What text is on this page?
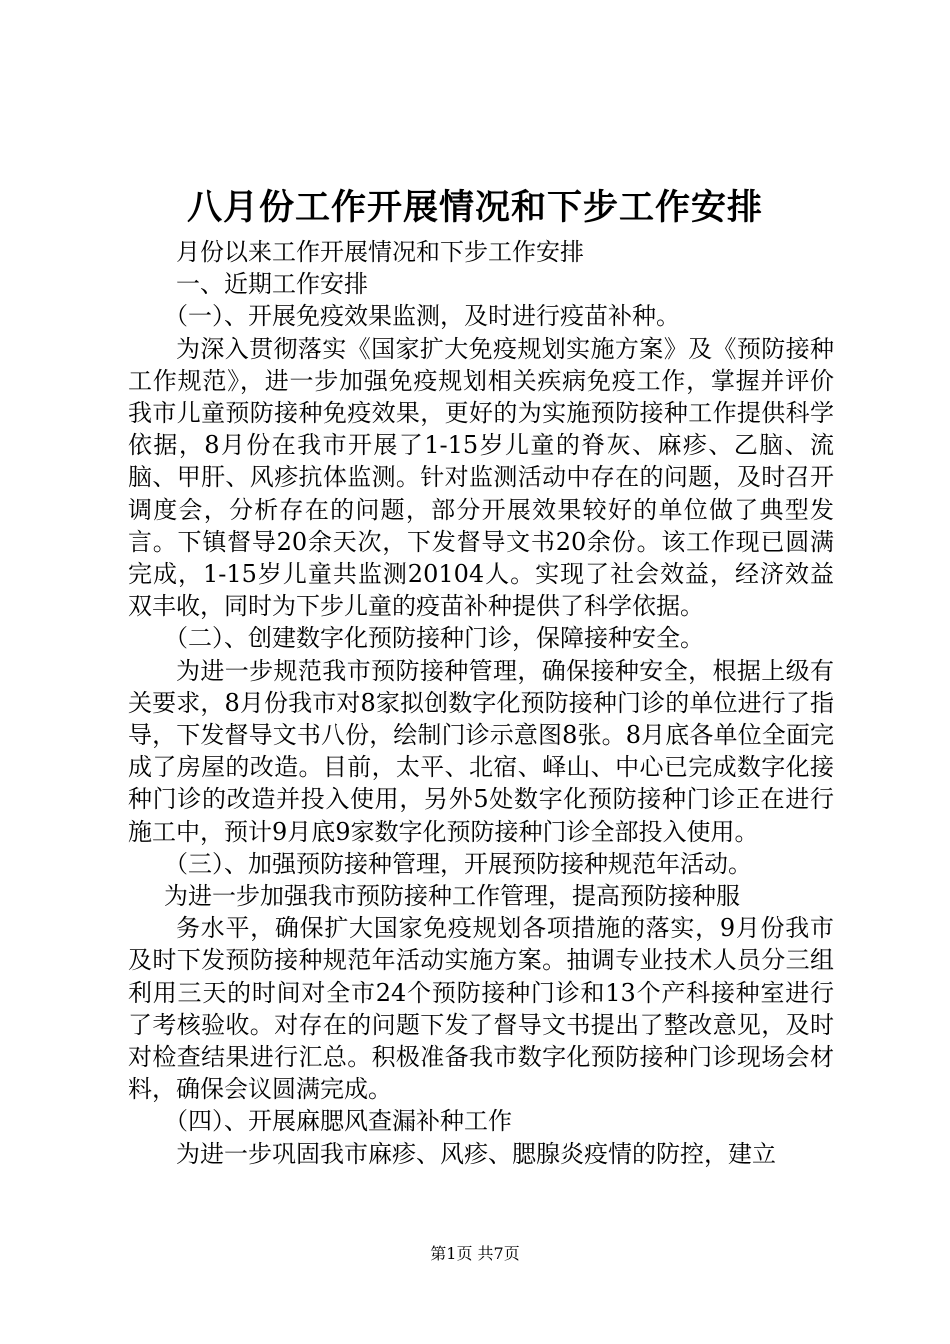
八月份工作开展情况和下步工作安排

月份以来工作开展情况和下步工作安排

一、近期工作安排

（一）、开展免疫效果监测，及时进行疫苗补种。

为深入贯彻落实《国家扩大免疫规划实施方案》及《预防接种工作规范》，进一步加强免疫规划相关疾病免疫工作，掌握并评价我市儿童预防接种免疫效果，更好的为实施预防接种工作提供科学依据，8月份在我市开展了1-15岁儿童的脊灰、麻疹、乙脑、流脑、甲肝、风疹抗体监测。针对监测活动中存在的问题，及时召开调度会，分析存在的问题，部分开展效果较好的单位做了典型发言。下镇督导20余天次，下发督导文书20余份。该工作现已圆满完成，1-15岁儿童共监测20104人。实现了社会效益，经济效益双丰收，同时为下步儿童的疫苗补种提供了科学依据。

（二）、创建数字化预防接种门诊，保障接种安全。

为进一步规范我市预防接种管理，确保接种安全，根据上级有关要求，8月份我市对8家拟创数字化预防接种门诊的单位进行了指导，下发督导文书八份，绘制门诊示意图8张。8月底各单位全面完成了房屋的改造。目前，太平、北宿、峄山、中心已完成数字化接种门诊的改造并投入使用，另外5处数字化预防接种门诊正在进行施工中，预计9月底9家数字化预防接种门诊全部投入使用。

（三）、加强预防接种管理，开展预防接种规范年活动。

为进一步加强我市预防接种工作管理，提高预防接种服

务水平，确保扩大国家免疫规划各项措施的落实，9月份我市及时下发预防接种规范年活动实施方案。抽调专业技术人员分三组利用三天的时间对全市24个预防接种门诊和13个产科接种室进行了考核验收。对存在的问题下发了督导文书提出了整改意见，及时对检查结果进行汇总。积极准备我市数字化预防接种门诊现场会材料，确保会议圆满完成。

（四）、开展麻腮风查漏补种工作

为进一步巩固我市麻疹、风疹、腮腺炎疫情的防控，建立

第1页 共7页
